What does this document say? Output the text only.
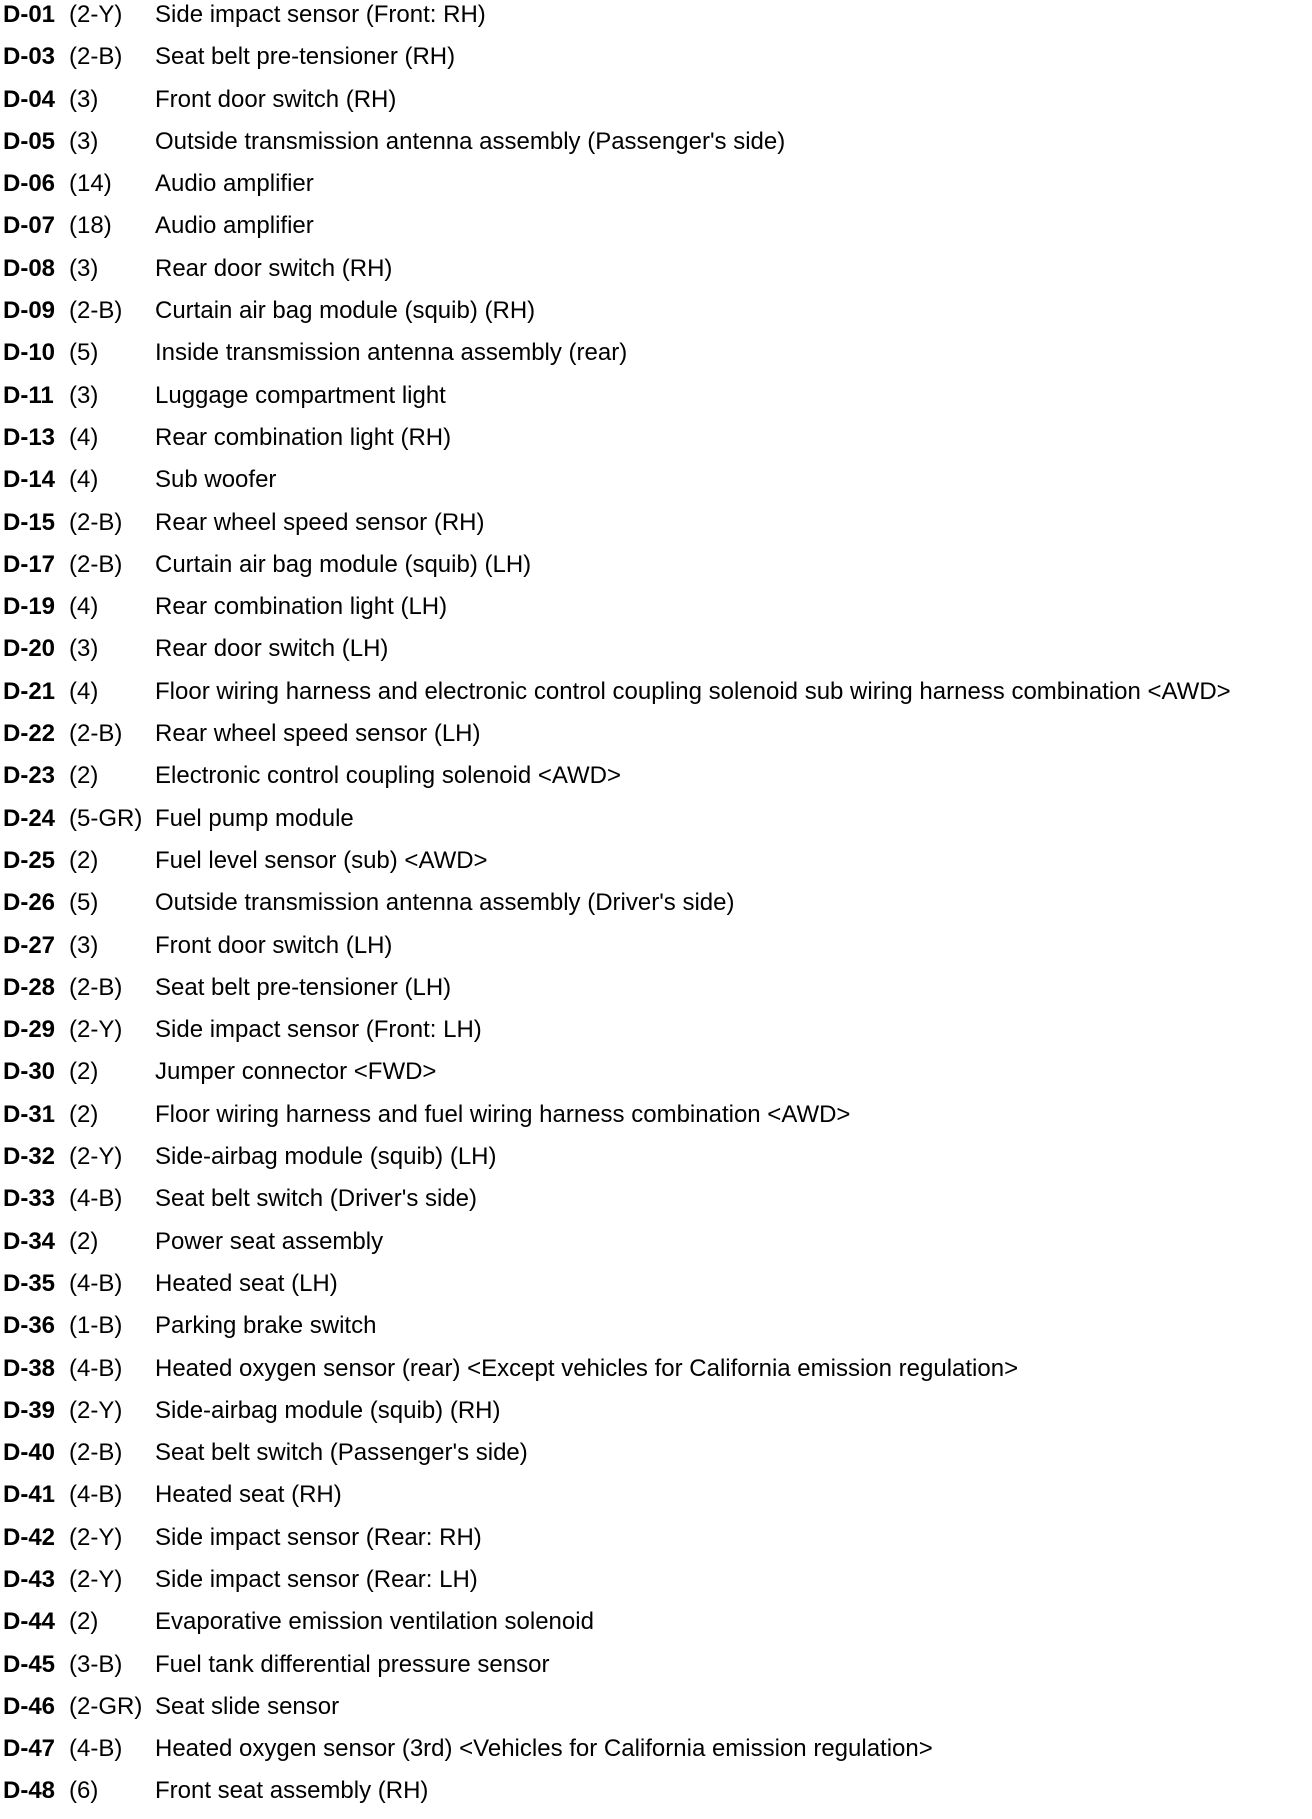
D-01 (2-Y) Side impact sensor (Front: RH)
D-03 (2-B) Seat belt pre-tensioner (RH)
D-04 (3) Front door switch (RH)
D-05 (3) Outside transmission antenna assembly (Passenger's side)
D-06 (14) Audio amplifier
D-07 (18) Audio amplifier
D-08 (3) Rear door switch (RH)
D-09 (2-B) Curtain air bag module (squib) (RH)
D-10 (5) Inside transmission antenna assembly (rear)
D-11 (3) Luggage compartment light
D-13 (4) Rear combination light (RH)
D-14 (4) Sub woofer
D-15 (2-B) Rear wheel speed sensor (RH)
D-17 (2-B) Curtain air bag module (squib) (LH)
D-19 (4) Rear combination light (LH)
D-20 (3) Rear door switch (LH)
D-21 (4) Floor wiring harness and electronic control coupling solenoid sub wiring harness combination <AWD>
D-22 (2-B) Rear wheel speed sensor (LH)
D-23 (2) Electronic control coupling solenoid <AWD>
D-24 (5-GR) Fuel pump module
D-25 (2) Fuel level sensor (sub) <AWD>
D-26 (5) Outside transmission antenna assembly (Driver's side)
D-27 (3) Front door switch (LH)
D-28 (2-B) Seat belt pre-tensioner (LH)
D-29 (2-Y) Side impact sensor (Front: LH)
D-30 (2) Jumper connector <FWD>
D-31 (2) Floor wiring harness and fuel wiring harness combination <AWD>
D-32 (2-Y) Side-airbag module (squib) (LH)
D-33 (4-B) Seat belt switch (Driver's side)
D-34 (2) Power seat assembly
D-35 (4-B) Heated seat (LH)
D-36 (1-B) Parking brake switch
D-38 (4-B) Heated oxygen sensor (rear) <Except vehicles for California emission regulation>
D-39 (2-Y) Side-airbag module (squib) (RH)
D-40 (2-B) Seat belt switch (Passenger's side)
D-41 (4-B) Heated seat (RH)
D-42 (2-Y) Side impact sensor (Rear: RH)
D-43 (2-Y) Side impact sensor (Rear: LH)
D-44 (2) Evaporative emission ventilation solenoid
D-45 (3-B) Fuel tank differential pressure sensor
D-46 (2-GR) Seat slide sensor
D-47 (4-B) Heated oxygen sensor (3rd) <Vehicles for California emission regulation>
D-48 (6) Front seat assembly (RH)
